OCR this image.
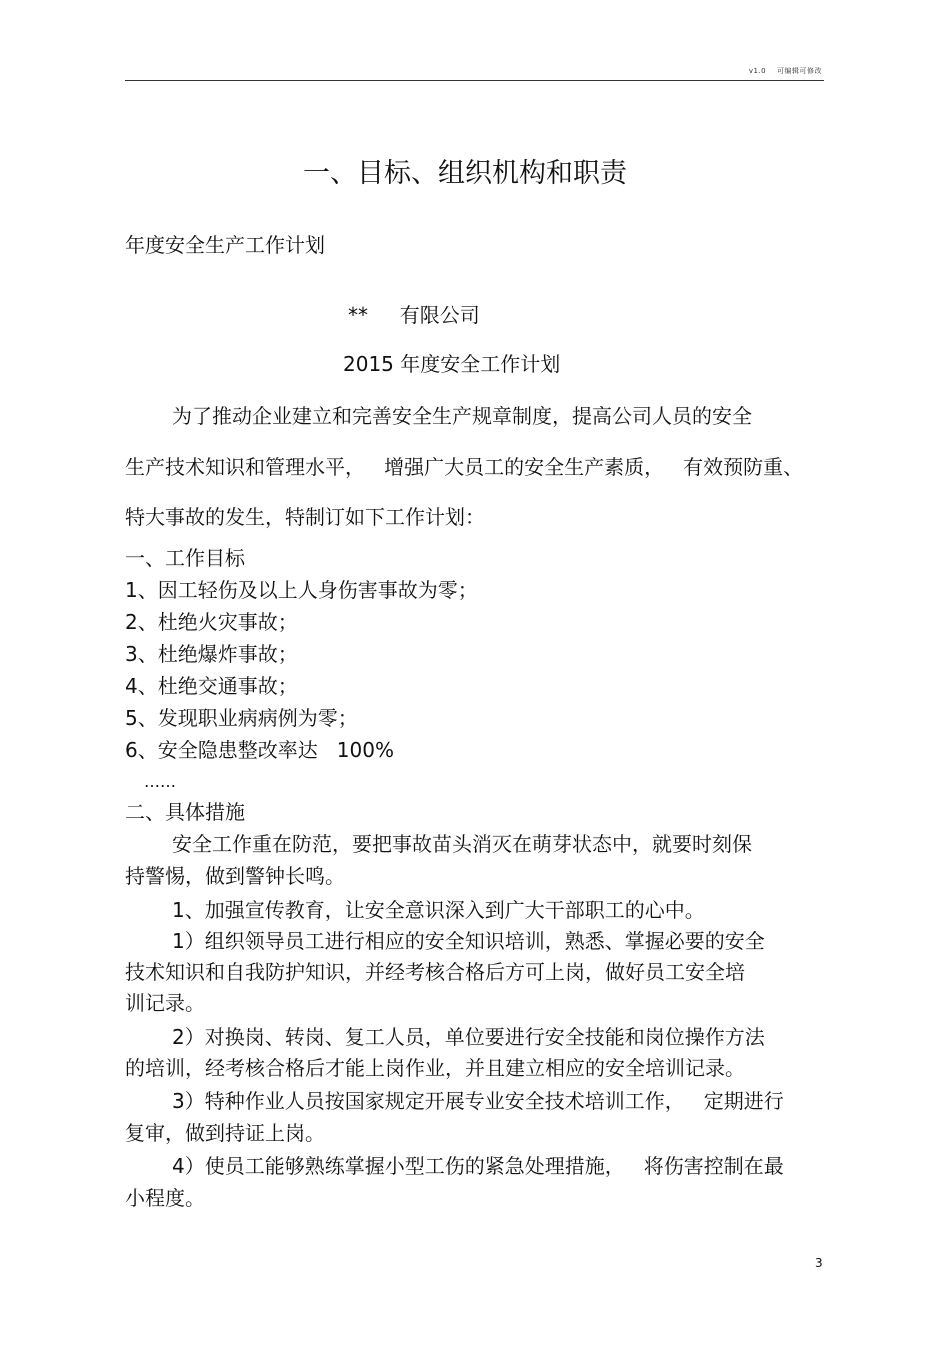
v1.0 可编辑可修改
一、目标、组织机构和职责
年度安全生产工作计划
**     有限公司
2015 年度安全工作计划
为了推动企业建立和完善安全生产规章制度，提高公司人员的安全
生产技术知识和管理水平，   增强广大员工的安全生产素质，   有效预防重、
特大事故的发生，特制订如下工作计划：
一、工作目标
1、因工轻伤及以上人身伤害事故为零；
2、杜绝火灾事故；
3、杜绝爆炸事故；
4、杜绝交通事故；
5、发现职业病病例为零；
6、安全隐患整改率达   100%
……
二、具体措施
安全工作重在防范，要把事故苗头消灭在萌芽状态中，就要时刻保
持警惕，做到警钟长鸣。
1、加强宣传教育，让安全意识深入到广大干部职工的心中。
1）组织领导员工进行相应的安全知识培训，熟悉、掌握必要的安全
技术知识和自我防护知识，并经考核合格后方可上岗，做好员工安全培
训记录。
2）对换岗、转岗、复工人员，单位要进行安全技能和岗位操作方法
的培训，经考核合格后才能上岗作业，并且建立相应的安全培训记录。
3）特种作业人员按国家规定开展专业安全技术培训工作，   定期进行
复审，做到持证上岗。
4）使员工能够熟练掌握小型工伤的紧急处理措施，   将伤害控制在最
小程度。
3
